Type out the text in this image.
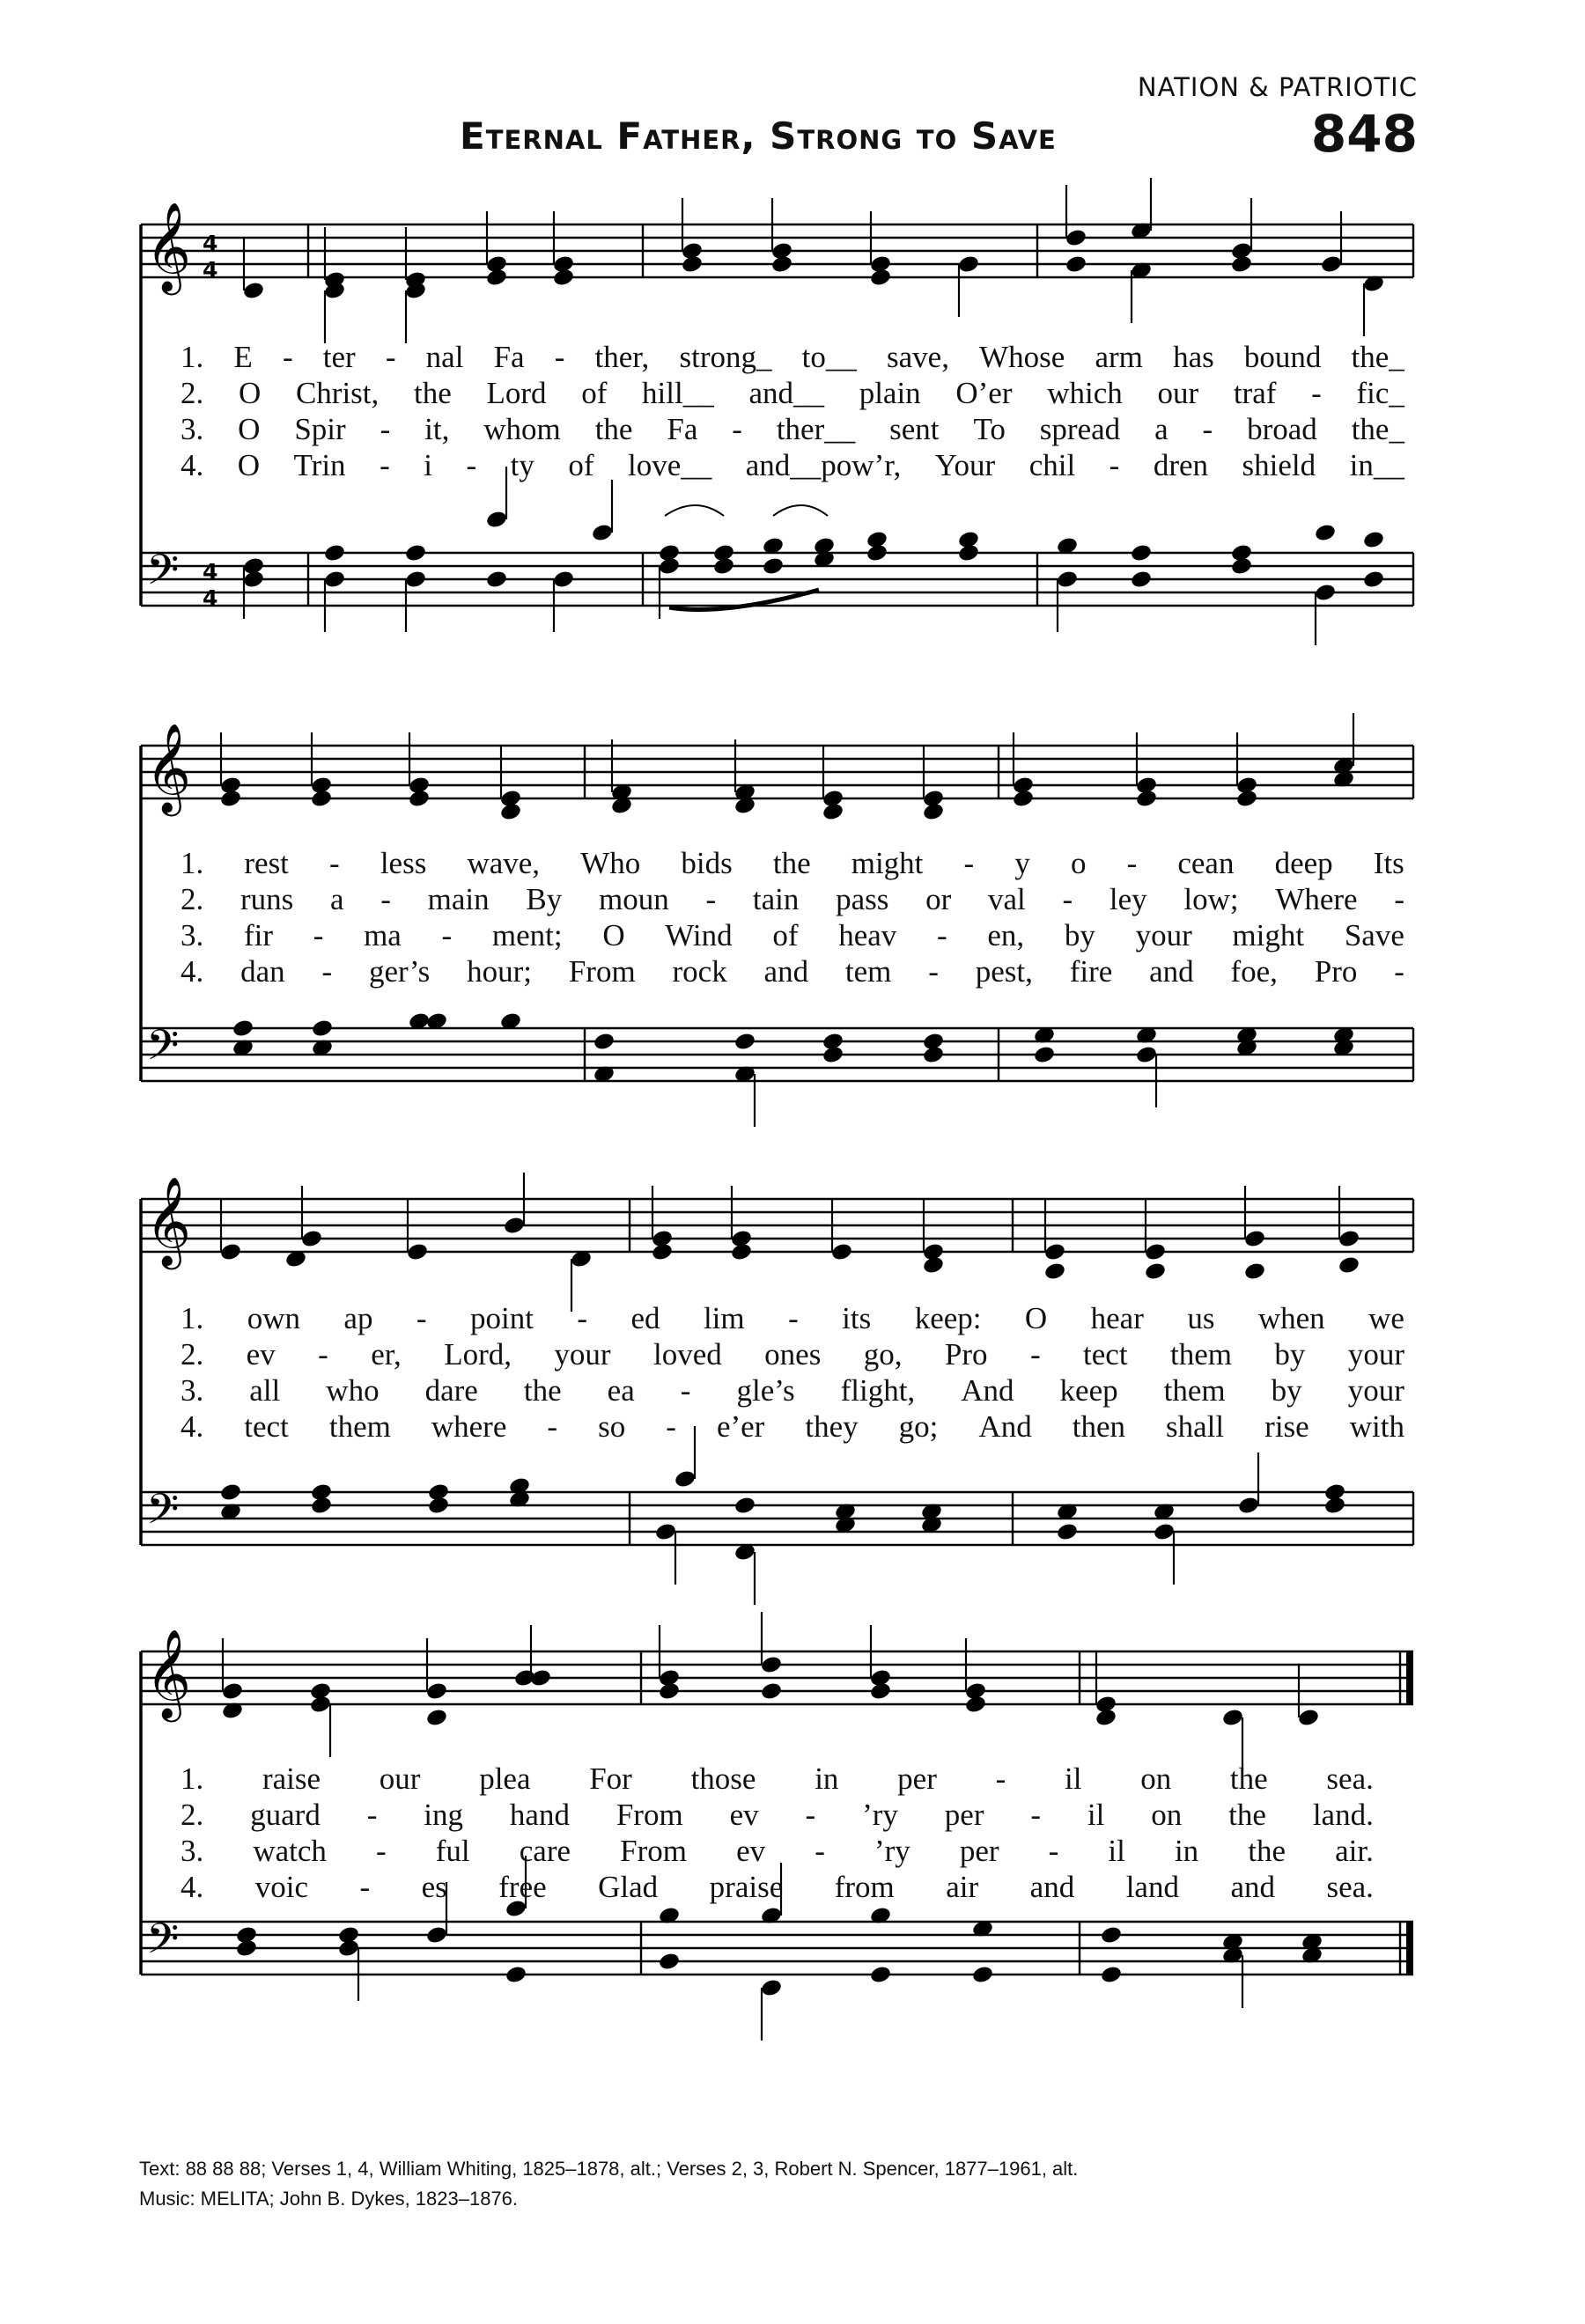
NATION & PATRIOTIC
Eternal Father, Strong to Save	848
𝄞
𝄢
4
4
4
4
𝄞
𝄢
𝄞
𝄢
𝄞
𝄢
1. E - ter - nal Fa - ther, strong_ to__ save, Whose arm has bound the_
2. O Christ, the Lord of hill__ and__ plain O’er which our traf - fic_
3. O Spir - it, whom the Fa - ther__ sent To spread a - broad the_
4. O Trin - i - ty of love__ and__pow’r, Your chil - dren shield in__
1. rest - less wave, Who bids the might - y o - cean deep Its
2. runs a - main By moun - tain pass or val - ley low; Where -
3. fir - ma - ment; O Wind of heav - en, by your might Save
4. dan - ger’s hour; From rock and tem - pest, fire and foe, Pro -
1. own ap - point - ed lim - its keep: O hear us when we
2. ev - er, Lord, your loved ones go, Pro - tect them by your
3. all who dare the ea - gle’s flight, And keep them by your
4. tect them where - so - e’er they go; And then shall rise with
1. raise our plea For those in per - il on the sea.
2. guard - ing hand From ev - ’ry per - il on the land.
3. watch - ful care From ev - ’ry per - il in the air.
4. voic - es free Glad praise from air and land and sea.
Text: 88 88 88; Verses 1, 4, William Whiting, 1825–1878, alt.; Verses 2, 3, Robert N. Spencer, 1877–1961, alt.
Music: MELITA; John B. Dykes, 1823–1876.
